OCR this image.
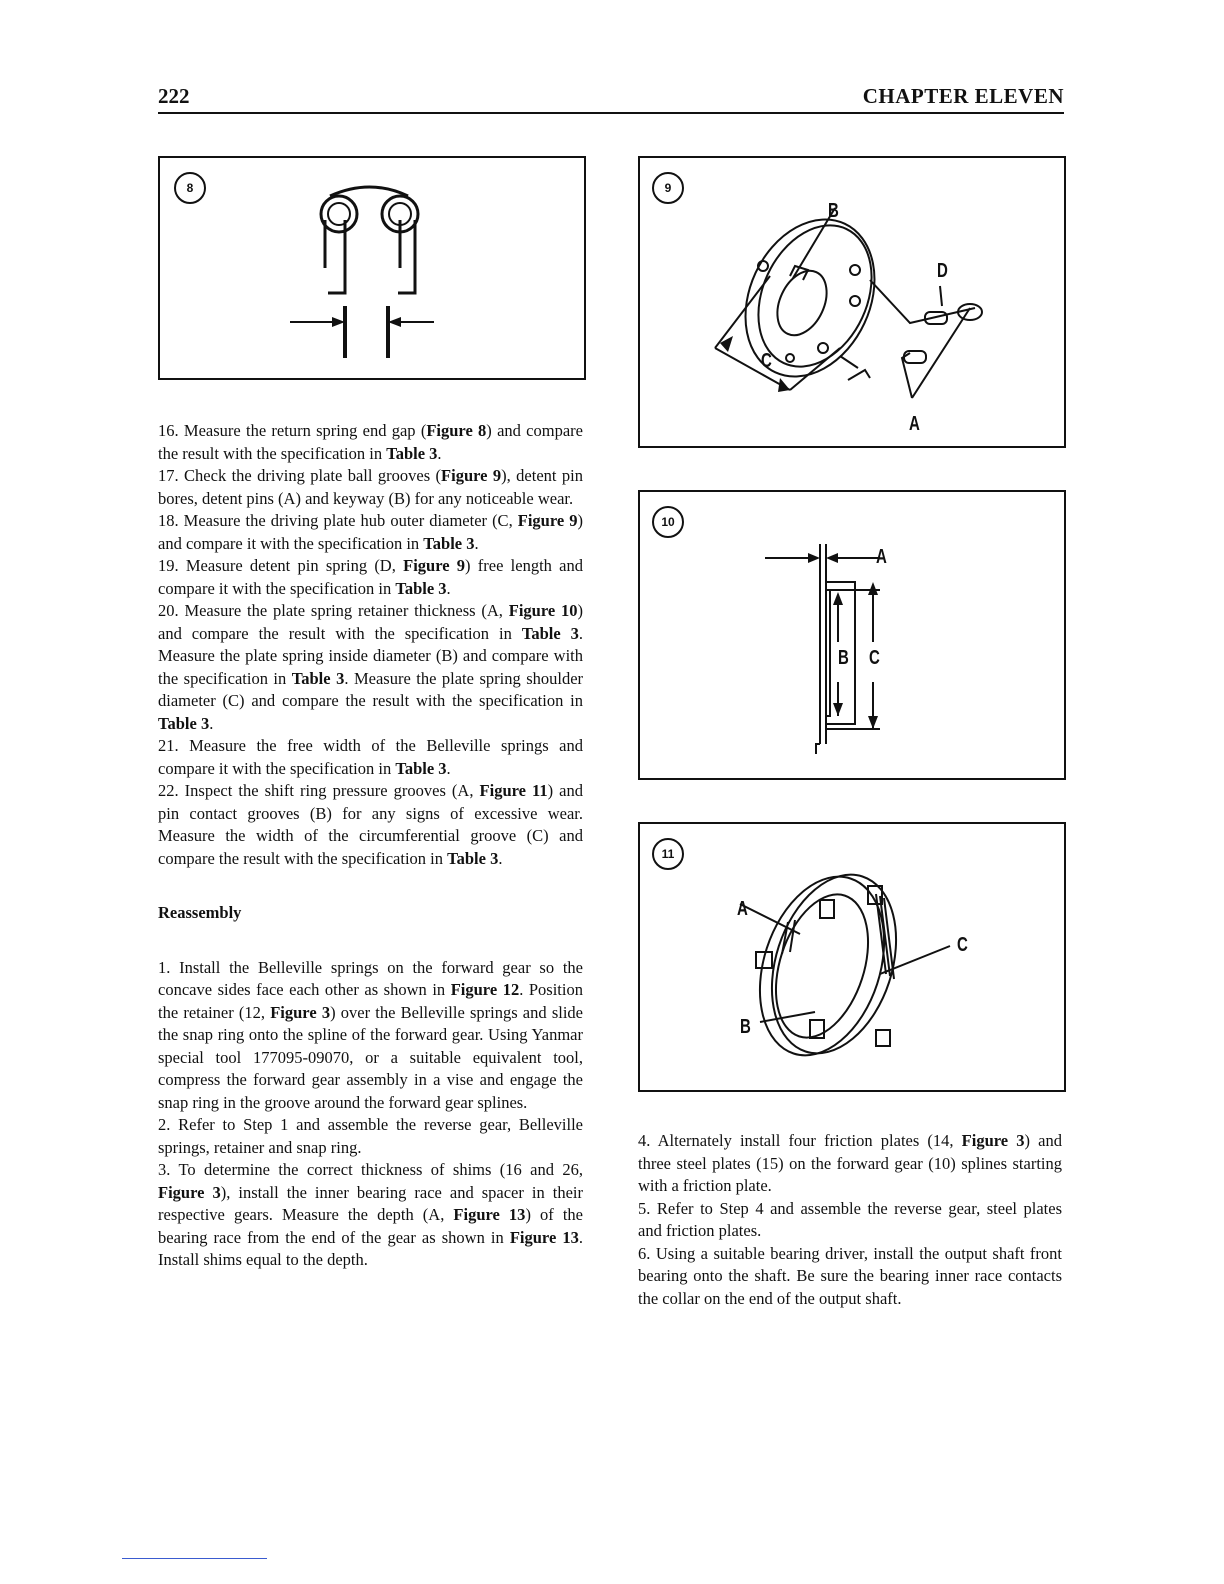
222	CHAPTER ELEVEN
8	9
B
D
C
A
10
A
B C
11
A
C
B

16. Measure the return spring end gap (Figure 8) and compare the result with the specification in Table 3.

17. Check the driving plate ball grooves (Figure 9), detent pin bores, detent pins (A) and keyway (B) for any noticeable wear.

18. Measure the driving plate hub outer diameter (C, Figure 9) and compare it with the specification in Table 3.

19. Measure detent pin spring (D, Figure 9) free length and compare it with the specification in Table 3.

20. Measure the plate spring retainer thickness (A, Figure 10) and compare the result with the specification in Table 3. Measure the plate spring inside diameter (B) and compare with the specification in Table 3. Measure the plate spring shoulder diameter (C) and compare the result with the specification in Table 3.

21. Measure the free width of the Belleville springs and compare it with the specification in Table 3.

22. Inspect the shift ring pressure grooves (A, Figure 11) and pin contact grooves (B) for any signs of excessive wear. Measure the width of the circumferential groove (C) and compare the result with the specification in Table 3.

Reassembly

1. Install the Belleville springs on the forward gear so the concave sides face each other as shown in Figure 12. Position the retainer (12, Figure 3) over the Belleville springs and slide the snap ring onto the spline of the forward gear. Using Yanmar special tool 177095-09070, or a suitable equivalent tool, compress the forward gear assembly in a vise and engage the snap ring in the groove around the forward gear splines.

2. Refer to Step 1 and assemble the reverse gear, Belleville springs, retainer and snap ring.

3. To determine the correct thickness of shims (16 and 26, Figure 3), install the inner bearing race and spacer in their respective gears. Measure the depth (A, Figure 13) of the bearing race from the end of the gear as shown in Figure 13. Install shims equal to the depth.

4. Alternately install four friction plates (14, Figure 3) and three steel plates (15) on the forward gear (10) splines starting with a friction plate.

5. Refer to Step 4 and assemble the reverse gear, steel plates and friction plates.

6. Using a suitable bearing driver, install the output shaft front bearing onto the shaft. Be sure the bearing inner race contacts the collar on the end of the output shaft.
